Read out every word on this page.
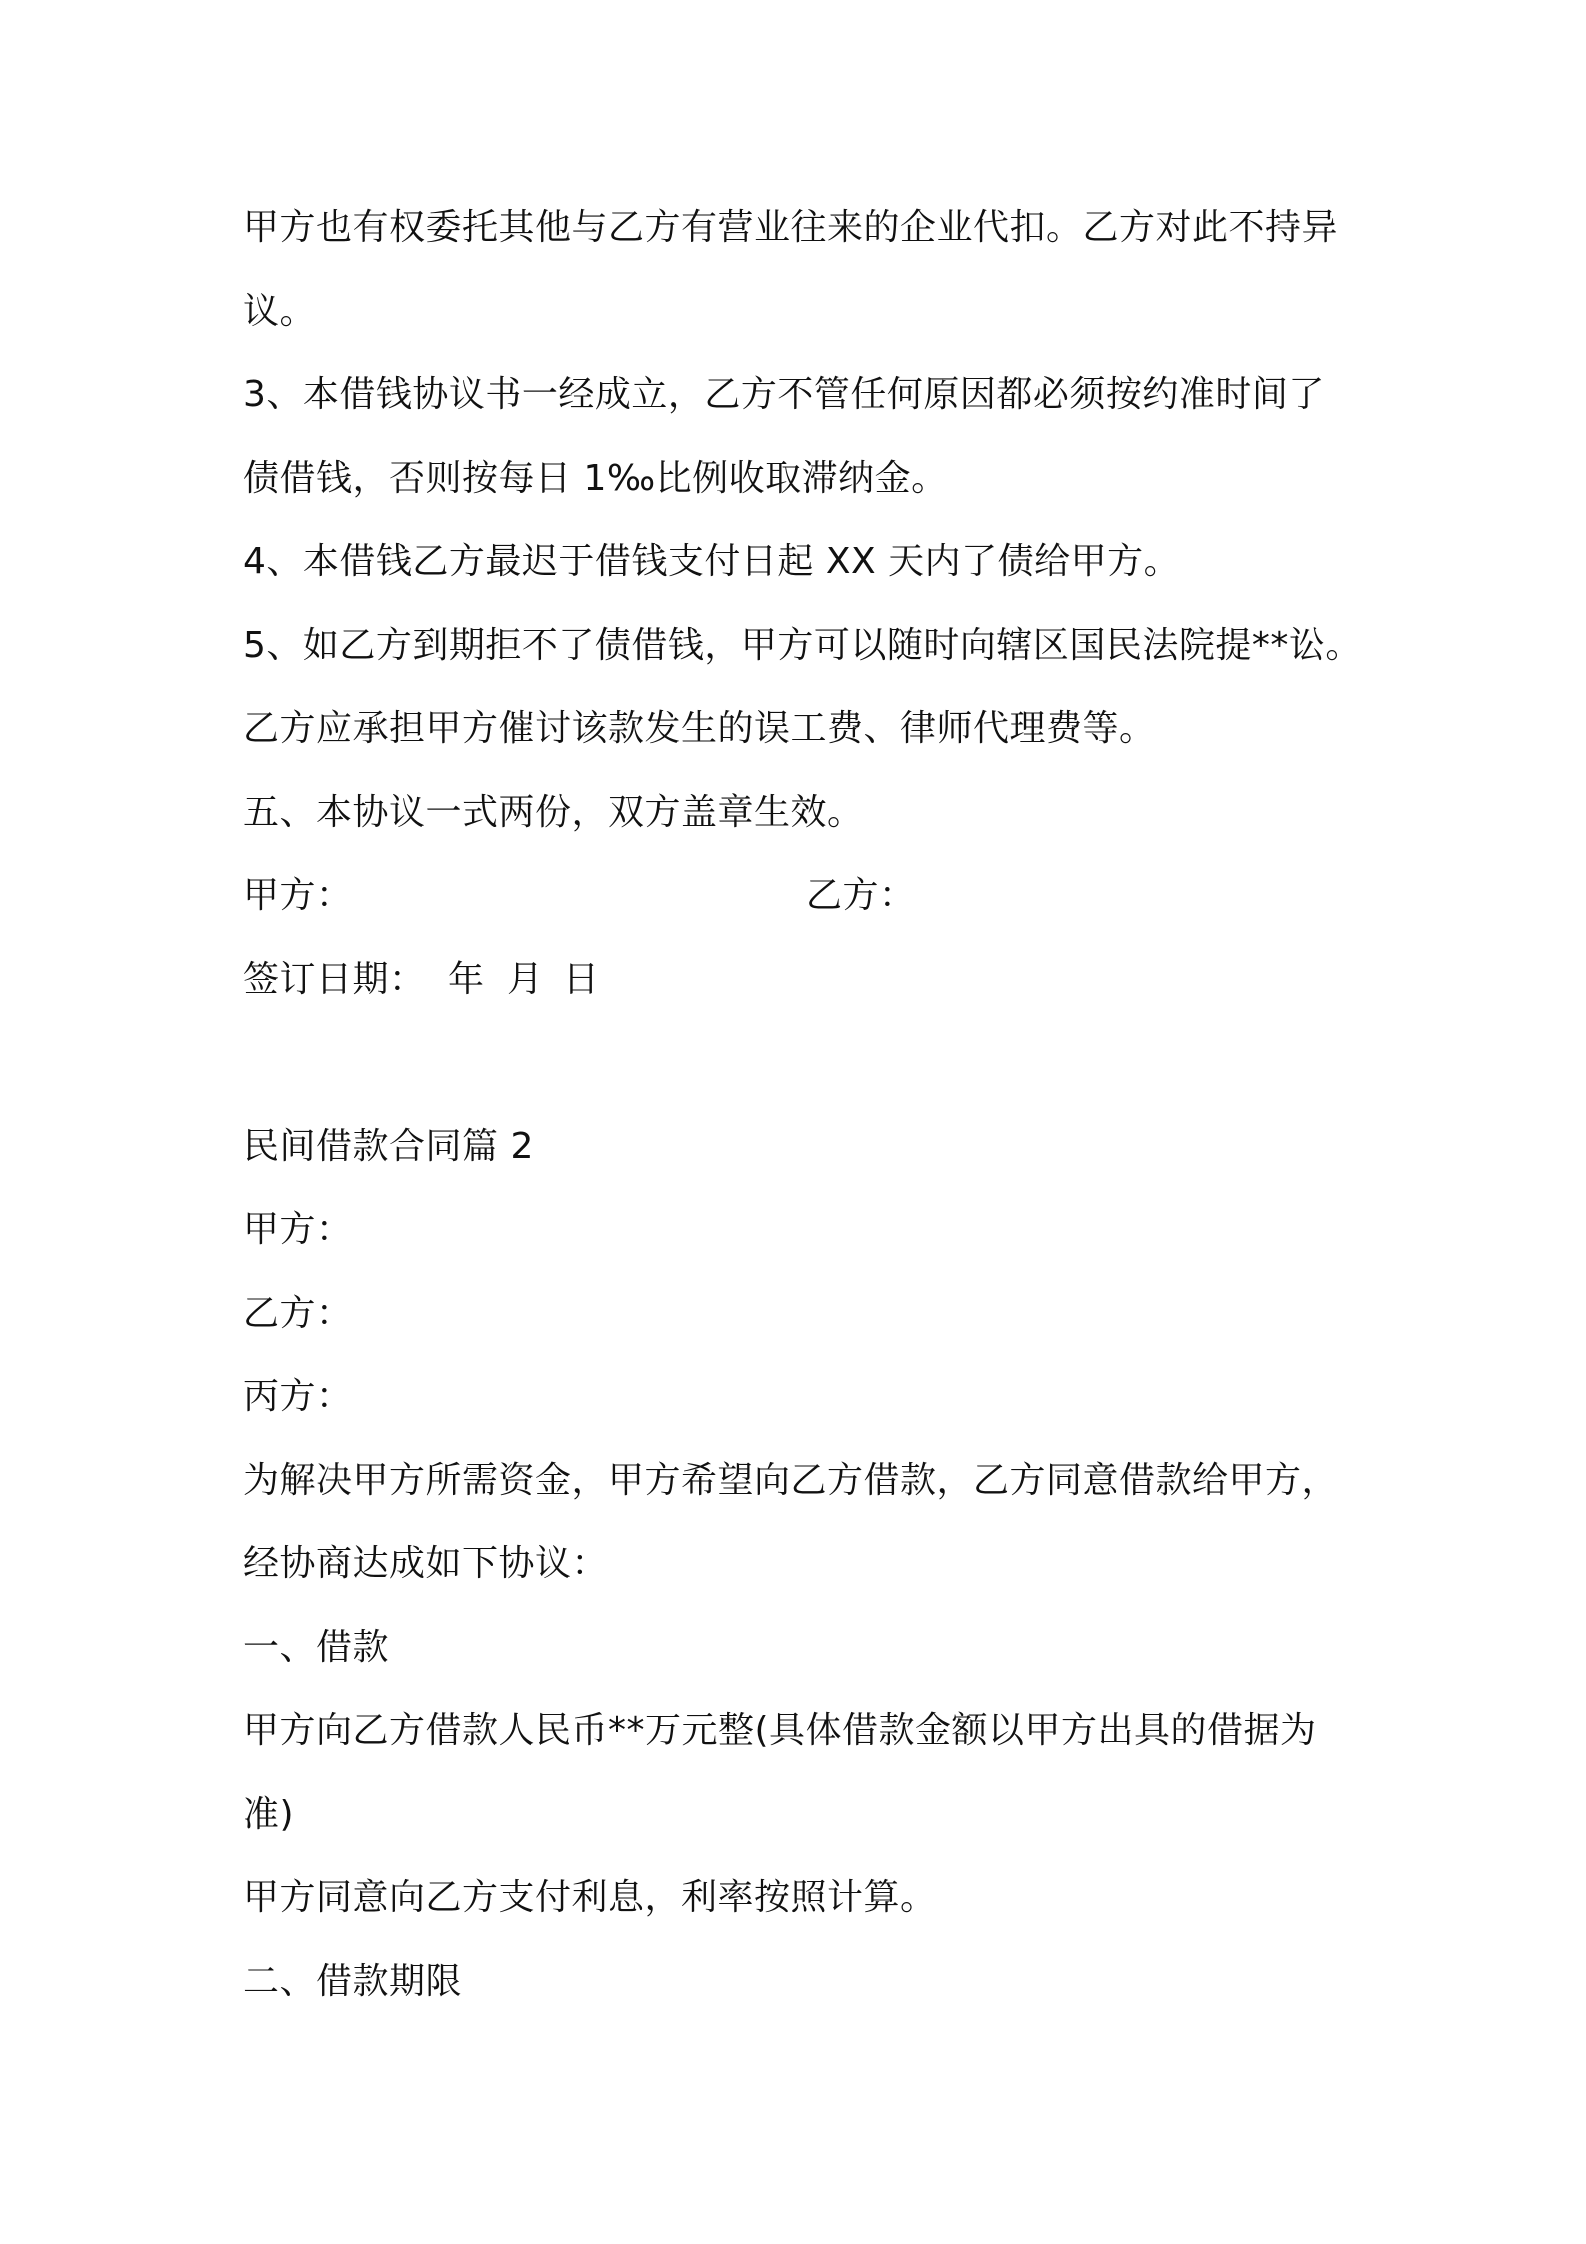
甲方也有权委托其他与乙方有营业往来的企业代扣。乙方对此不持异
议。
3、本借钱协议书一经成立，乙方不管任何原因都必须按约准时间了
债借钱，否则按每日 1‰比例收取滞纳金。
4、本借钱乙方最迟于借钱支付日起 XX 天内了债给甲方。
5、如乙方到期拒不了债借钱，甲方可以随时向辖区国民法院提**讼。
乙方应承担甲方催讨该款发生的误工费、律师代理费等。
五、本协议一式两份，双方盖章生效。
甲方：	乙方：
签订日期： 年 月 日
民间借款合同篇 2
甲方：
乙方：
丙方：
为解决甲方所需资金，甲方希望向乙方借款，乙方同意借款给甲方，
经协商达成如下协议：
一、借款
甲方向乙方借款人民币**万元整(具体借款金额以甲方出具的借据为
准)
甲方同意向乙方支付利息，利率按照计算。
二、借款期限
